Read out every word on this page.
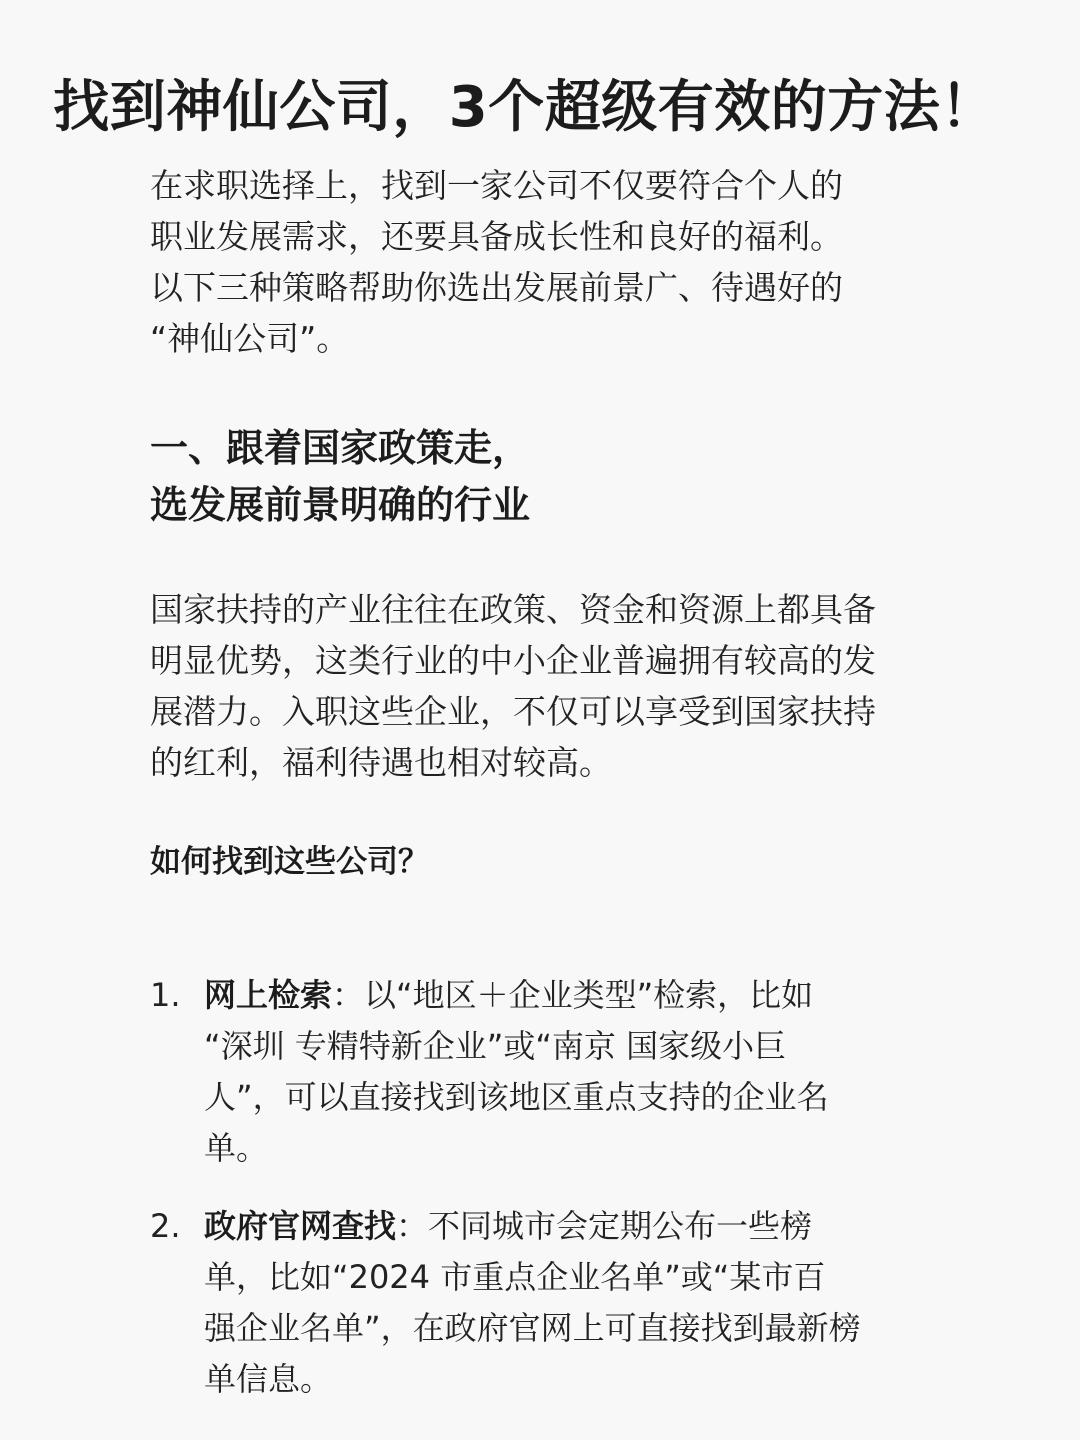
找到神仙公司，3个超级有效的方法！
在求职选择上，找到一家公司不仅要符合个人的
职业发展需求，还要具备成长性和良好的福利。
以下三种策略帮助你选出发展前景广、待遇好的
“神仙公司”。
一、跟着国家政策走，
选发展前景明确的行业
国家扶持的产业往往在政策、资金和资源上都具备
明显优势，这类行业的中小企业普遍拥有较高的发
展潜力。入职这些企业，不仅可以享受到国家扶持
的红利，福利待遇也相对较高。
如何找到这些公司？
1. 网上检索：以“地区＋企业类型”检索，比如
“深圳 专精特新企业”或“南京 国家级小巨
人”，可以直接找到该地区重点支持的企业名
单。
2. 政府官网查找：不同城市会定期公布一些榜
单，比如“2024 市重点企业名单”或“某市百
强企业名单”，在政府官网上可直接找到最新榜
单信息。
